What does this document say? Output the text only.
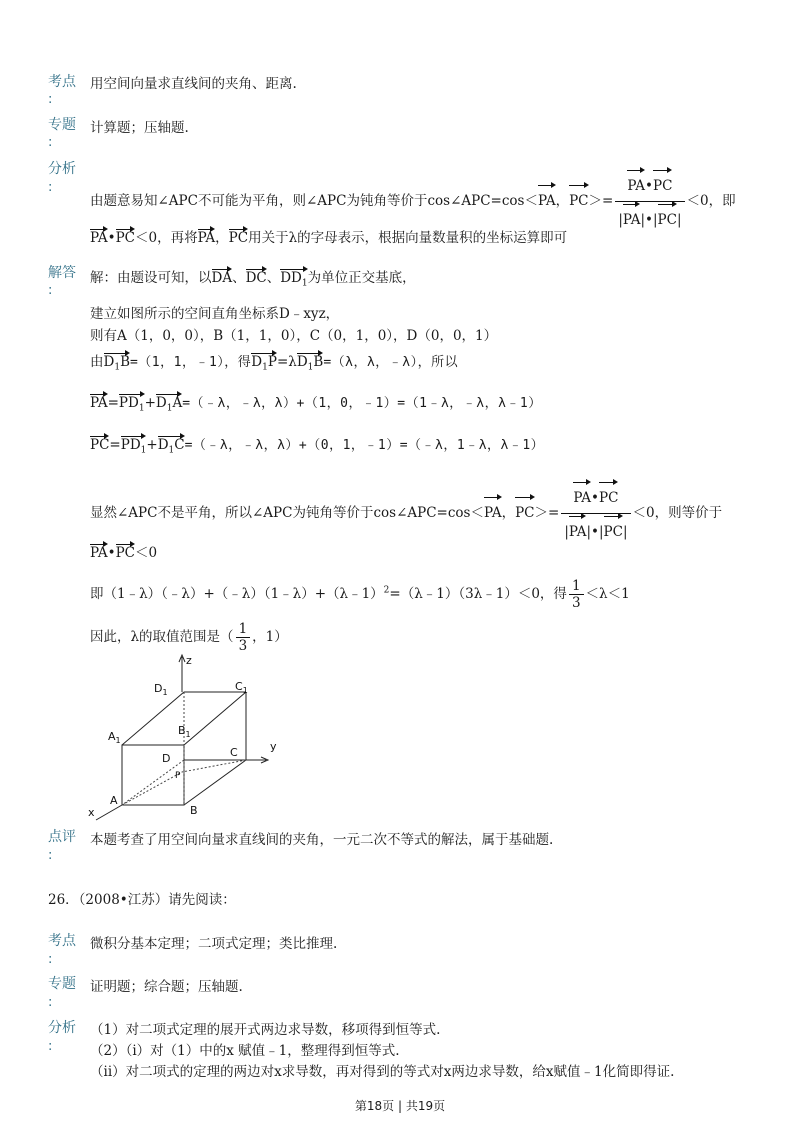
考点
:
用空间向量求直线间的夹角、距离.
专题
:
计算题；压轴题.
分析
:
由题意易知∠APC不可能为平角，则∠APC为钝角等价于cos∠APC=cos＜PA，$PC>= \frac{PA•PC}{|PA|•|PC|} <0$，即
PA•PC＜0，再将PA，PC用关于λ的字母表示，根据向量数量积的坐标运算即可
解答
:
解：由题设可知，以DA、DC、$DD_1$为单位正交基底，
建立如图所示的空间直角坐标系D﹣xyz，
则有A（1，0，0），B（1，1，0），C（0，1，0），D（0，0，1）
由$D_1B=(1$，1，﹣1），得$D_1P=\lambda D_1B=(\lambda$，λ，﹣λ），所以
$PA=PD_1+D_1A=(﹣\lambda$，﹣λ，λ）+（1，0，﹣1）=（1﹣λ，﹣λ，λ﹣1）
$PC=PD_1+D_1C=(﹣\lambda$，﹣λ，λ）+（0，1，﹣1）=（﹣λ，1﹣λ，λ﹣1）
显然∠APC不是平角，所以∠APC为钝角等价于cos∠APC=cos＜PA，$PC>= \frac{PA•PC}{|PA|•|PC|} <0$，则等价于
PA•PC＜0
即（1﹣λ）（﹣λ）+（﹣λ）（1﹣λ）+（λ﹣1）$^2$=（λ﹣1）（3λ﹣1）＜0，得 $\frac{1}{3} <\lambda<1$
因此，λ的取值范围是（ $\frac{1}{3}$ ，1）
z
y
x
$D_1$	$C_1$
$A_1$
$B_1$
D	C
P
A
B
点评
:
本题考查了用空间向量求直线间的夹角，一元二次不等式的解法，属于基础题.
26．（2008•江苏）请先阅读：
考点
:
微积分基本定理；二项式定理；类比推理.
专题
:
证明题；综合题；压轴题.
分析
:
（1）对二项式定理的展开式两边求导数，移项得到恒等式.
（2）（i）对（1）中的x 赋值﹣1，整理得到恒等式.
（ii）对二项式的定理的两边对x求导数，再对得到的等式对x两边求导数，给x赋值﹣1化简即得证.
第18页 | 共19页
